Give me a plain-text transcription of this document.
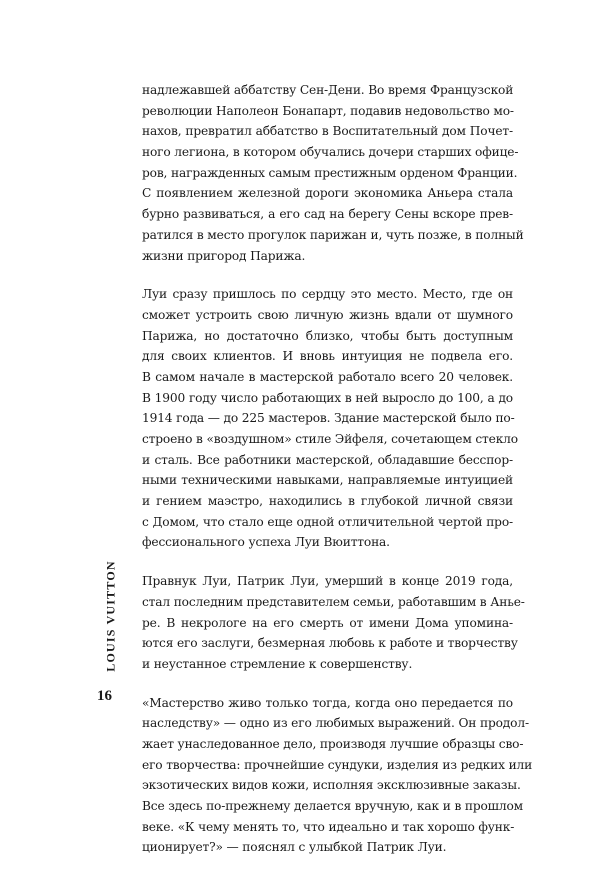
надлежавшей аббатству Сен-Дени. Во время Французской
революции Наполеон Бонапарт, подавив недовольство мо-
нахов, превратил аббатство в Воспитательный дом Почет-
ного легиона, в котором обучались дочери старших офице-
ров, награжденных самым престижным орденом Франции.
С появлением железной дороги экономика Аньера стала
бурно развиваться, а его сад на берегу Сены вскоре прев-
ратился в место прогулок парижан и, чуть позже, в полный
жизни пригород Парижа.
Луи сразу пришлось по сердцу это место. Место, где он
сможет устроить свою личную жизнь вдали от шумного
Парижа, но достаточно близко, чтобы быть доступным
для своих клиентов. И вновь интуиция не подвела его.
В самом начале в мастерской работало всего 20 человек.
В 1900 году число работающих в ней выросло до 100, а до
1914 года — до 225 мастеров. Здание мастерской было по-
строено в «воздушном» стиле Эйфеля, сочетающем стекло
и сталь. Все работники мастерской, обладавшие бесспор-
ными техническими навыками, направляемые интуицией
и гением маэстро, находились в глубокой личной связи
с Домом, что стало еще одной отличительной чертой про-
фессионального успеха Луи Вюиттона.
Правнук Луи, Патрик Луи, умерший в конце 2019 года,
стал последним представителем семьи, работавшим в Анье-
ре. В некрологе на его смерть от имени Дома упомина-
ются его заслуги, безмерная любовь к работе и творчеству
и неустанное стремление к совершенству.
«Мастерство живо только тогда, когда оно передается по
наследству» — одно из его любимых выражений. Он продол-
жает унаследованное дело, производя лучшие образцы сво-
его творчества: прочнейшие сундуки, изделия из редких или
экзотических видов кожи, исполняя эксклюзивные заказы.
Все здесь по-прежнему делается вручную, как и в прошлом
веке. «К чему менять то, что идеально и так хорошо функ-
ционирует?» — пояснял с улыбкой Патрик Луи.
LOUIS VUITTON
16
